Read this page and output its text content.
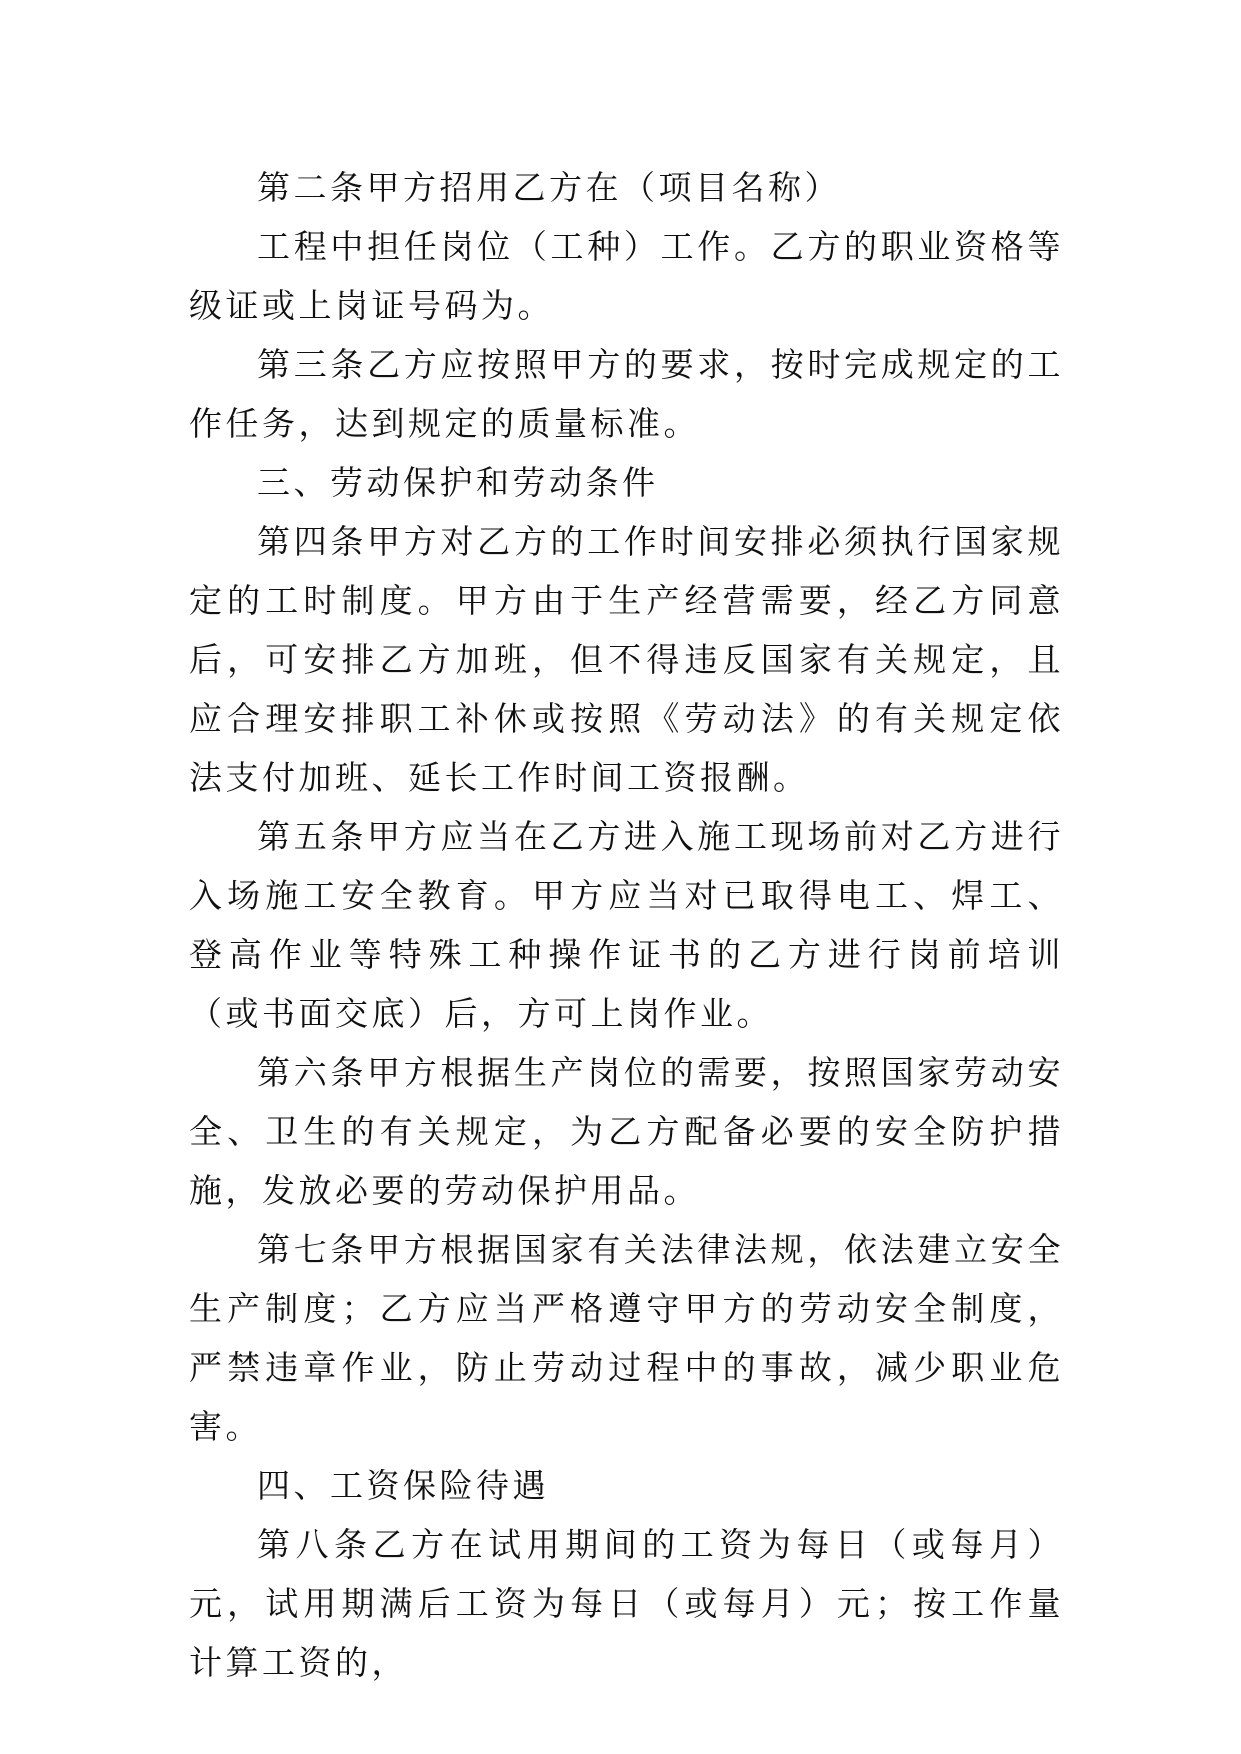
第二条甲方招用乙方在（项目名称）

工程中担任岗位（工种）工作。乙方的职业资格等级证或上岗证号码为。

第三条乙方应按照甲方的要求，按时完成规定的工作任务，达到规定的质量标准。

三、劳动保护和劳动条件

第四条甲方对乙方的工作时间安排必须执行国家规定的工时制度。甲方由于生产经营需要，经乙方同意后，可安排乙方加班，但不得违反国家有关规定，且应合理安排职工补休或按照《劳动法》的有关规定依法支付加班、延长工作时间工资报酬。

第五条甲方应当在乙方进入施工现场前对乙方进行入场施工安全教育。甲方应当对已取得电工、焊工、登高作业等特殊工种操作证书的乙方进行岗前培训（或书面交底）后，方可上岗作业。

第六条甲方根据生产岗位的需要，按照国家劳动安全、卫生的有关规定，为乙方配备必要的安全防护措施，发放必要的劳动保护用品。

第七条甲方根据国家有关法律法规，依法建立安全生产制度；乙方应当严格遵守甲方的劳动安全制度，严禁违章作业，防止劳动过程中的事故，减少职业危害。

四、工资保险待遇

第八条乙方在试用期间的工资为每日（或每月）元，试用期满后工资为每日（或每月）元；按工作量计算工资的，
